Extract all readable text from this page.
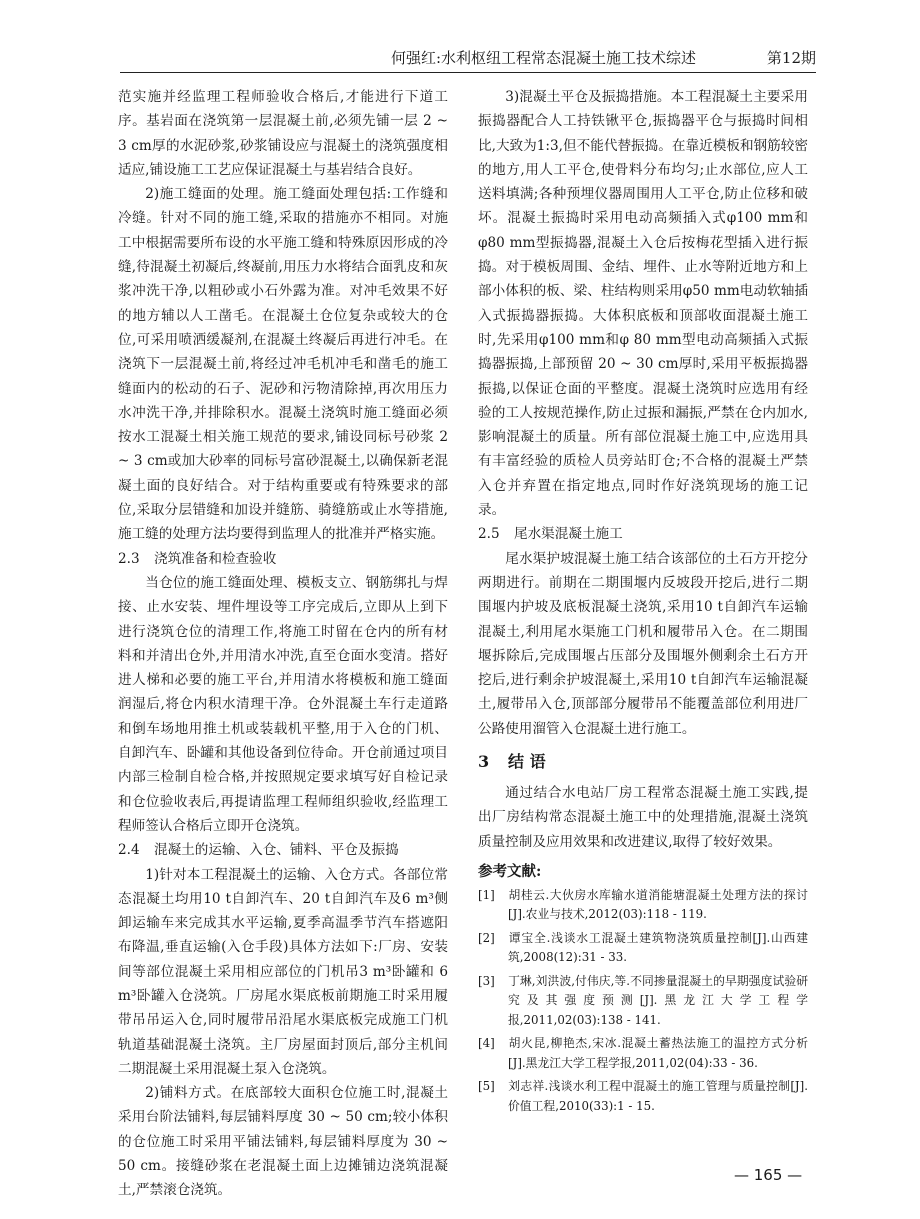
何强红:水利枢纽工程常态混凝土施工技术综述	第12期

范实施并经监理工程师验收合格后,才能进行下道工序。基岩面在浇筑第一层混凝土前,必须先铺一层 2 ~ 3 cm厚的水泥砂浆,砂浆铺设应与混凝土的浇筑强度相适应,铺设施工工艺应保证混凝土与基岩结合良好。

2)施工缝面的处理。施工缝面处理包括:工作缝和冷缝。针对不同的施工缝,采取的措施亦不相同。对施工中根据需要所布设的水平施工缝和特殊原因形成的冷缝,待混凝土初凝后,终凝前,用压力水将结合面乳皮和灰浆冲洗干净,以粗砂或小石外露为准。对冲毛效果不好的地方辅以人工凿毛。在混凝土仓位复杂或较大的仓位,可采用喷洒缓凝剂,在混凝土终凝后再进行冲毛。在浇筑下一层混凝土前,将经过冲毛机冲毛和凿毛的施工缝面内的松动的石子、泥砂和污物清除掉,再次用压力水冲洗干净,并排除积水。混凝土浇筑时施工缝面必须按水工混凝土相关施工规范的要求,铺设同标号砂浆 2 ~ 3 cm或加大砂率的同标号富砂混凝土,以确保新老混凝土面的良好结合。对于结构重要或有特殊要求的部位,采取分层错缝和加设并缝筋、骑缝筋或止水等措施,施工缝的处理方法均要得到监理人的批准并严格实施。

2.3 浇筑准备和检查验收

当仓位的施工缝面处理、模板支立、钢筋绑扎与焊接、止水安装、埋件埋设等工序完成后,立即从上到下进行浇筑仓位的清理工作,将施工时留在仓内的所有材料和并清出仓外,并用清水冲洗,直至仓面水变清。搭好进人梯和必要的施工平台,并用清水将模板和施工缝面润湿后,将仓内积水清理干净。仓外混凝土车行走道路和倒车场地用推土机或装载机平整,用于入仓的门机、自卸汽车、卧罐和其他设备到位待命。开仓前通过项目内部三检制自检合格,并按照规定要求填写好自检记录和仓位验收表后,再提请监理工程师组织验收,经监理工程师签认合格后立即开仓浇筑。

2.4 混凝土的运输、入仓、铺料、平仓及振捣

1)针对本工程混凝土的运输、入仓方式。各部位常态混凝土均用10 t自卸汽车、20 t自卸汽车及6 m³侧卸运输车来完成其水平运输,夏季高温季节汽车搭遮阳布降温,垂直运输(入仓手段)具体方法如下:厂房、安装间等部位混凝土采用相应部位的门机吊3 m³卧罐和 6 m³卧罐入仓浇筑。厂房尾水渠底板前期施工时采用履带吊吊运入仓,同时履带吊沿尾水渠底板完成施工门机轨道基础混凝土浇筑。主厂房屋面封顶后,部分主机间二期混凝土采用混凝土泵入仓浇筑。

2)铺料方式。在底部较大面积仓位施工时,混凝土采用台阶法铺料,每层铺料厚度 30 ~ 50 cm;较小体积的仓位施工时采用平铺法铺料,每层铺料厚度为 30 ~ 50 cm。接缝砂浆在老混凝土面上边摊铺边浇筑混凝土,严禁滚仓浇筑。

3)混凝土平仓及振捣措施。本工程混凝土主要采用振捣器配合人工持铁锹平仓,振捣器平仓与振捣时间相比,大致为1:3,但不能代替振捣。在靠近模板和钢筋较密的地方,用人工平仓,使骨料分布均匀;止水部位,应人工送料填满;各种预埋仪器周围用人工平仓,防止位移和破坏。混凝土振捣时采用电动高频插入式φ100 mm和φ80 mm型振捣器,混凝土入仓后按梅花型插入进行振捣。对于模板周围、金结、埋件、止水等附近地方和上部小体积的板、梁、柱结构则采用φ50 mm电动软轴插入式振捣器振捣。大体积底板和顶部收面混凝土施工时,先采用φ100 mm和φ 80 mm型电动高频插入式振捣器振捣,上部预留 20 ~ 30 cm厚时,采用平板振捣器振捣,以保证仓面的平整度。混凝土浇筑时应选用有经验的工人按规范操作,防止过振和漏振,严禁在仓内加水,影响混凝土的质量。所有部位混凝土施工中,应选用具有丰富经验的质检人员旁站盯仓;不合格的混凝土严禁入仓并弃置在指定地点,同时作好浇筑现场的施工记录。

2.5 尾水渠混凝土施工

尾水渠护坡混凝土施工结合该部位的土石方开挖分两期进行。前期在二期围堰内反坡段开挖后,进行二期围堰内护坡及底板混凝土浇筑,采用10 t自卸汽车运输混凝土,利用尾水渠施工门机和履带吊入仓。在二期围堰拆除后,完成围堰占压部分及围堰外侧剩余土石方开挖后,进行剩余护坡混凝土,采用10 t自卸汽车运输混凝土,履带吊入仓,顶部部分履带吊不能覆盖部位利用进厂公路使用溜管入仓混凝土进行施工。

3 结 语

通过结合水电站厂房工程常态混凝土施工实践,提出厂房结构常态混凝土施工中的处理措施,混凝土浇筑质量控制及应用效果和改进建议,取得了较好效果。

参考文献:
[1] 胡桂云.大伙房水库输水道消能塘混凝土处理方法的探讨[J].农业与技术,2012(03):118 - 119.
[2] 谭宝全.浅谈水工混凝土建筑物浇筑质量控制[J].山西建筑,2008(12):31 - 33.
[3] 丁琳,刘洪波,付伟庆,等.不同掺量混凝土的早期强度试验研究及其强度预测[J].黑龙江大学工程学报,2011,02(03):138 - 141.
[4] 胡火昆,柳艳杰,宋冰.混凝土蓄热法施工的温控方式分析[J].黑龙江大学工程学报,2011,02(04):33 - 36.
[5] 刘志祥.浅谈水利工程中混凝土的施工管理与质量控制[J].价值工程,2010(33):1 - 15.
— 165 —
